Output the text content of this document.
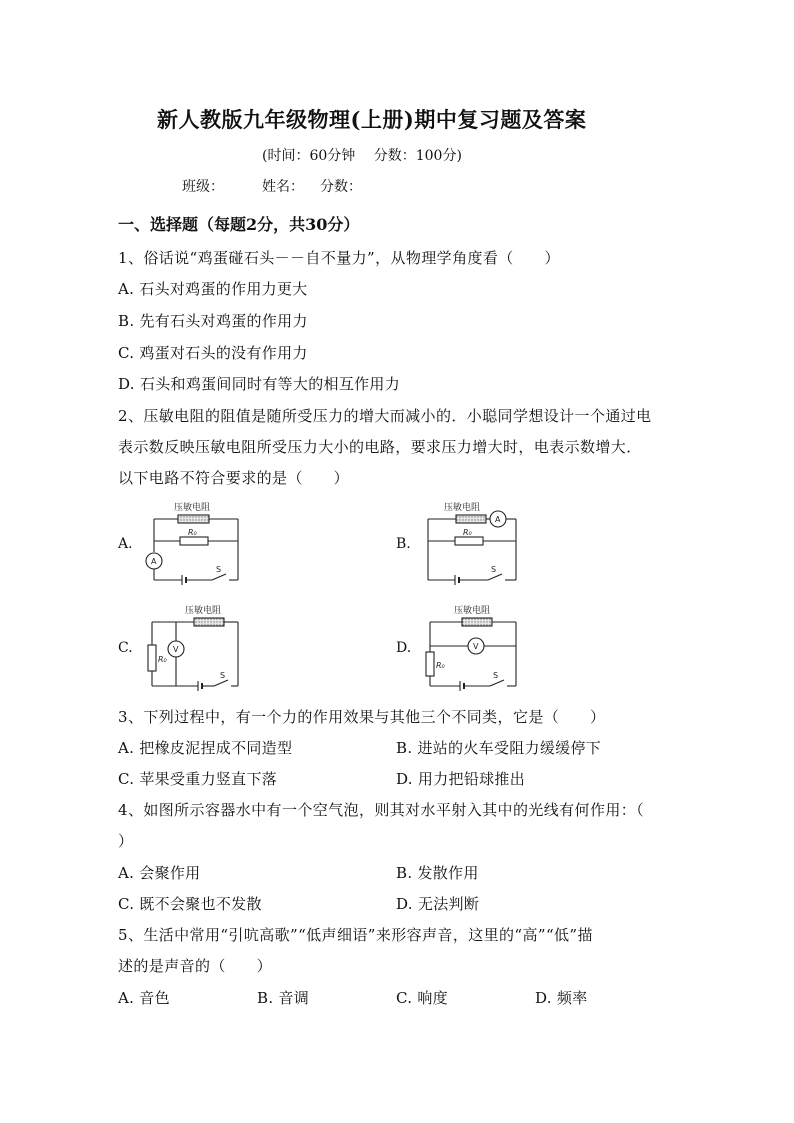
新人教版九年级物理(上册)期中复习题及答案
(时间：60分钟　 分数：100分)
班级：	姓名： 分数：
一、选择题（每题2分，共30分）
1、俗话说“鸡蛋碰石头－－自不量力”，从物理学角度看（　　）
A. 石头对鸡蛋的作用力更大
B. 先有石头对鸡蛋的作用力
C. 鸡蛋对石头的没有作用力
D. 石头和鸡蛋间同时有等大的相互作用力
2、压敏电阻的阻值是随所受压力的增大而减小的．小聪同学想设计一个通过电
表示数反映压敏电阻所受压力大小的电路，要求压力增大时，电表示数增大．
以下电路不符合要求的是（　　）
A.	B.
C.	D.
压敏电阻
R₀
A
S
压敏电阻
R₀
A
S
压敏电阻
R₀
V
S
压敏电阻
R₀
V
S
3、下列过程中，有一个力的作用效果与其他三个不同类，它是（　　）
A. 把橡皮泥捏成不同造型	B. 进站的火车受阻力缓缓停下
C. 苹果受重力竖直下落	D. 用力把铅球推出
4、如图所示容器水中有一个空气泡，则其对水平射入其中的光线有何作用：（
）
A. 会聚作用	B. 发散作用
C. 既不会聚也不发散	D. 无法判断
5、生活中常用“引吭高歌”“低声细语”来形容声音，这里的“高”“低”描
述的是声音的（　　）
A. 音色	B. 音调	C. 响度	D. 频率
